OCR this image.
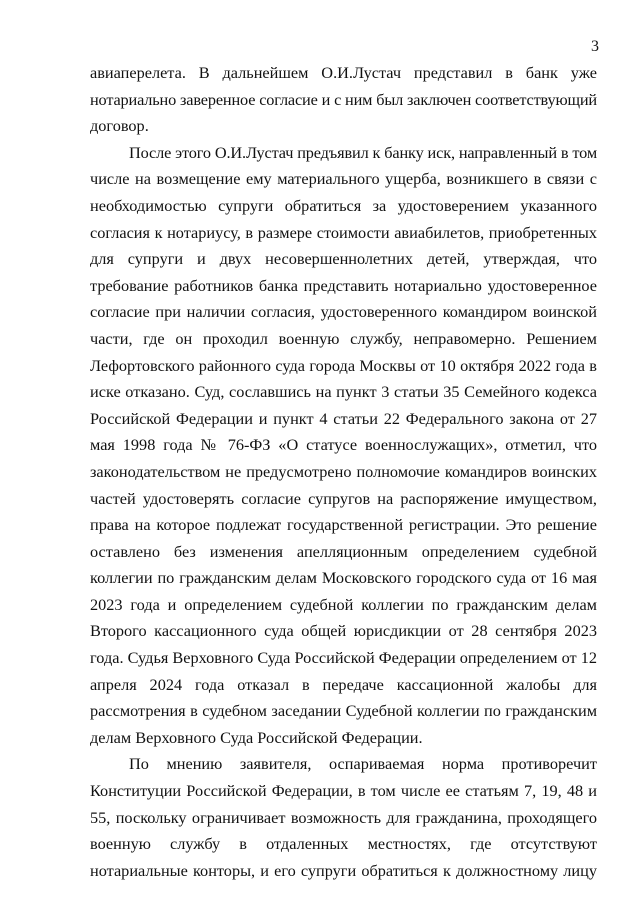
3

авиаперелета. В дальнейшем О.И.Лустач представил в банк уже
нотариально заверенное согласие и с ним был заключен соответствующий
договор.

После этого О.И.Лустач предъявил к банку иск, направленный в том
числе на возмещение ему материального ущерба, возникшего в связи с
необходимостью супруги обратиться за удостоверением указанного
согласия к нотариусу, в размере стоимости авиабилетов, приобретенных
для супруги и двух несовершеннолетних детей, утверждая, что
требование работников банка представить нотариально удостоверенное
согласие при наличии согласия, удостоверенного командиром воинской
части, где он проходил военную службу, неправомерно. Решением
Лефортовского районного суда города Москвы от 10 октября 2022 года в
иске отказано. Суд, сославшись на пункт 3 статьи 35 Семейного кодекса
Российской Федерации и пункт 4 статьи 22 Федерального закона от 27
мая 1998 года № 76-ФЗ «О статусе военнослужащих», отметил, что
законодательством не предусмотрено полномочие командиров воинских
частей удостоверять согласие супругов на распоряжение имуществом,
права на которое подлежат государственной регистрации. Это решение
оставлено без изменения апелляционным определением судебной
коллегии по гражданским делам Московского городского суда от 16 мая
2023 года и определением судебной коллегии по гражданским делам
Второго кассационного суда общей юрисдикции от 28 сентября 2023
года. Судья Верховного Суда Российской Федерации определением от 12
апреля 2024 года отказал в передаче кассационной жалобы для
рассмотрения в судебном заседании Судебной коллегии по гражданским
делам Верховного Суда Российской Федерации.

По мнению заявителя, оспариваемая норма противоречит
Конституции Российской Федерации, в том числе ее статьям 7, 19, 48 и
55, поскольку ограничивает возможность для гражданина, проходящего
военную службу в отдаленных местностях, где отсутствуют
нотариальные конторы, и его супруги обратиться к должностному лицу
